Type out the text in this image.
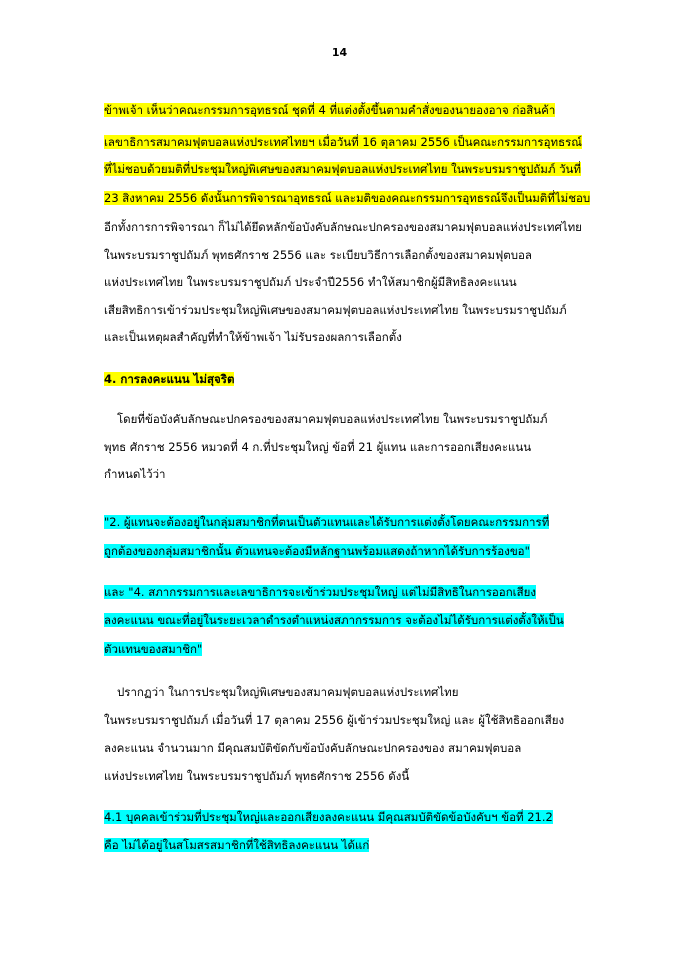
14
ข้าพเจ้า เห็นว่าคณะกรรมการอุทธรณ์ ชุดที่ 4 ที่แต่งตั้งขึ้นตามคำสั่งของนายองอาจ ก่อสินค้า
เลขาธิการสมาคมฟุตบอลแห่งประเทศไทยฯ เมื่อวันที่ 16 ตุลาคม 2556 เป็นคณะกรรมการอุทธรณ์
ที่ไม่ชอบด้วยมติที่ประชุมใหญ่พิเศษของสมาคมฟุตบอลแห่งประเทศไทย ในพระบรมราชูปถัมภ์ วันที่
23 สิงหาคม 2556 ดังนั้นการพิจารณาอุทธรณ์ และมติของคณะกรรมการอุทธรณ์จึงเป็นมติที่ไม่ชอบ
อีกทั้งการการพิจารณา ก็ไม่ได้ยึดหลักข้อบังคับลักษณะปกครองของสมาคมฟุตบอลแห่งประเทศไทย
ในพระบรมราชูปถัมภ์ พุทธศักราช 2556 และ ระเบียบวิธีการเลือกตั้งของสมาคมฟุตบอล
แห่งประเทศไทย ในพระบรมราชูปถัมภ์ ประจำปี2556 ทำให้สมาชิกผู้มีสิทธิลงคะแนน
เสียสิทธิการเข้าร่วมประชุมใหญ่พิเศษของสมาคมฟุตบอลแห่งประเทศไทย ในพระบรมราชูปถัมภ์
และเป็นเหตุผลสำคัญที่ทำให้ข้าพเจ้า ไม่รับรองผลการเลือกตั้ง
4. การลงคะแนน ไม่สุจริต
โดยที่ข้อบังคับลักษณะปกครองของสมาคมฟุตบอลแห่งประเทศไทย ในพระบรมราชูปถัมภ์
พุทธ ศักราช 2556 หมวดที่ 4 ก.ที่ประชุมใหญ่ ข้อที่ 21 ผู้แทน และการออกเสียงคะแนน
กำหนดไว้ว่า
"2. ผู้แทนจะต้องอยู่ในกลุ่มสมาชิกที่ตนเป็นตัวแทนและได้รับการแต่งตั้งโดยคณะกรรมการที่
ถูกต้องของกลุ่มสมาชิกนั้น ตัวแทนจะต้องมีหลักฐานพร้อมแสดงถ้าหากได้รับการร้องขอ"
และ "4. สภากรรมการและเลขาธิการจะเข้าร่วมประชุมใหญ่ แต่ไม่มีสิทธิในการออกเสียง
ลงคะแนน ขณะที่อยู่ในระยะเวลาดำรงตำแหน่งสภากรรมการ จะต้องไม่ได้รับการแต่งตั้งให้เป็น
ตัวแทนของสมาชิก"
ปรากฏว่า ในการประชุมใหญ่พิเศษของสมาคมฟุตบอลแห่งประเทศไทย
ในพระบรมราชูปถัมภ์ เมื่อวันที่ 17 ตุลาคม 2556 ผู้เข้าร่วมประชุมใหญ่ และ ผู้ใช้สิทธิออกเสียง
ลงคะแนน จำนวนมาก มีคุณสมบัติขัดกับข้อบังคับลักษณะปกครองของ สมาคมฟุตบอล
แห่งประเทศไทย ในพระบรมราชูปถัมภ์ พุทธศักราช 2556 ดังนี้
4.1 บุคคลเข้าร่วมที่ประชุมใหญ่และออกเสียงลงคะแนน มีคุณสมบัติขัดข้อบังคับฯ ข้อที่ 21.2
คือ ไม่ได้อยู่ในสโมสรสมาชิกที่ใช้สิทธิลงคะแนน ได้แก่
